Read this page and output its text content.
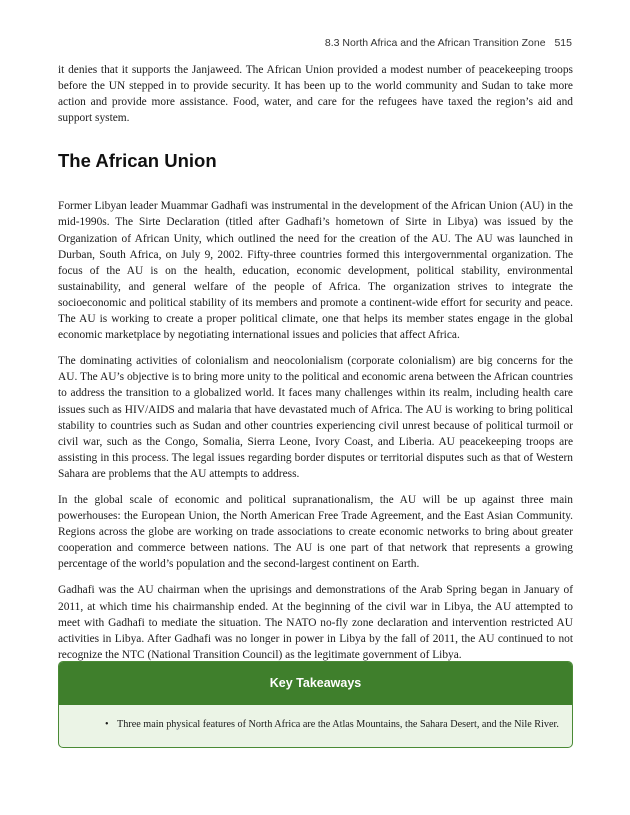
8.3 North Africa and the African Transition Zone 515

it denies that it supports the Janjaweed. The African Union provided a modest number of peacekeeping troops before the UN stepped in to provide security. It has been up to the world community and Sudan to take more action and provide more assistance. Food, water, and care for the refugees have taxed the region’s aid and support system.

The African Union

Former Libyan leader Muammar Gadhafi was instrumental in the development of the African Union (AU) in the mid-1990s. The Sirte Declaration (titled after Gadhafi’s hometown of Sirte in Libya) was issued by the Organization of African Unity, which outlined the need for the creation of the AU. The AU was launched in Durban, South Africa, on July 9, 2002. Fifty-three countries formed this intergovernmental organization. The focus of the AU is on the health, education, economic development, political stability, environmental sustainability, and general welfare of the people of Africa. The organization strives to integrate the socioeconomic and political stability of its members and promote a continent-wide effort for security and peace. The AU is working to create a proper political climate, one that helps its member states engage in the global economic marketplace by negotiating international issues and policies that affect Africa.

The dominating activities of colonialism and neocolonialism (corporate colonialism) are big concerns for the AU. The AU’s objective is to bring more unity to the political and economic arena between the African countries to address the transition to a globalized world. It faces many challenges within its realm, including health care issues such as HIV/AIDS and malaria that have devastated much of Africa. The AU is working to bring political stability to countries such as Sudan and other countries experiencing civil unrest because of political turmoil or civil war, such as the Congo, Somalia, Sierra Leone, Ivory Coast, and Liberia. AU peacekeeping troops are assisting in this process. The legal issues regarding border disputes or territorial disputes such as that of Western Sahara are problems that the AU attempts to address.

In the global scale of economic and political supranationalism, the AU will be up against three main powerhouses: the European Union, the North American Free Trade Agreement, and the East Asian Community. Regions across the globe are working on trade associations to create economic networks to bring about greater cooperation and commerce between nations. The AU is one part of that network that represents a growing percentage of the world’s population and the second-largest continent on Earth.

Gadhafi was the AU chairman when the uprisings and demonstrations of the Arab Spring began in January of 2011, at which time his chairmanship ended. At the beginning of the civil war in Libya, the AU attempted to meet with Gadhafi to mediate the situation. The NATO no-fly zone declaration and intervention restricted AU activities in Libya. After Gadhafi was no longer in power in Libya by the fall of 2011, the AU continued to not recognize the NTC (National Transition Council) as the legitimate government of Libya.

Key Takeaways
• Three main physical features of North Africa are the Atlas Mountains, the Sahara Desert, and the Nile River.
